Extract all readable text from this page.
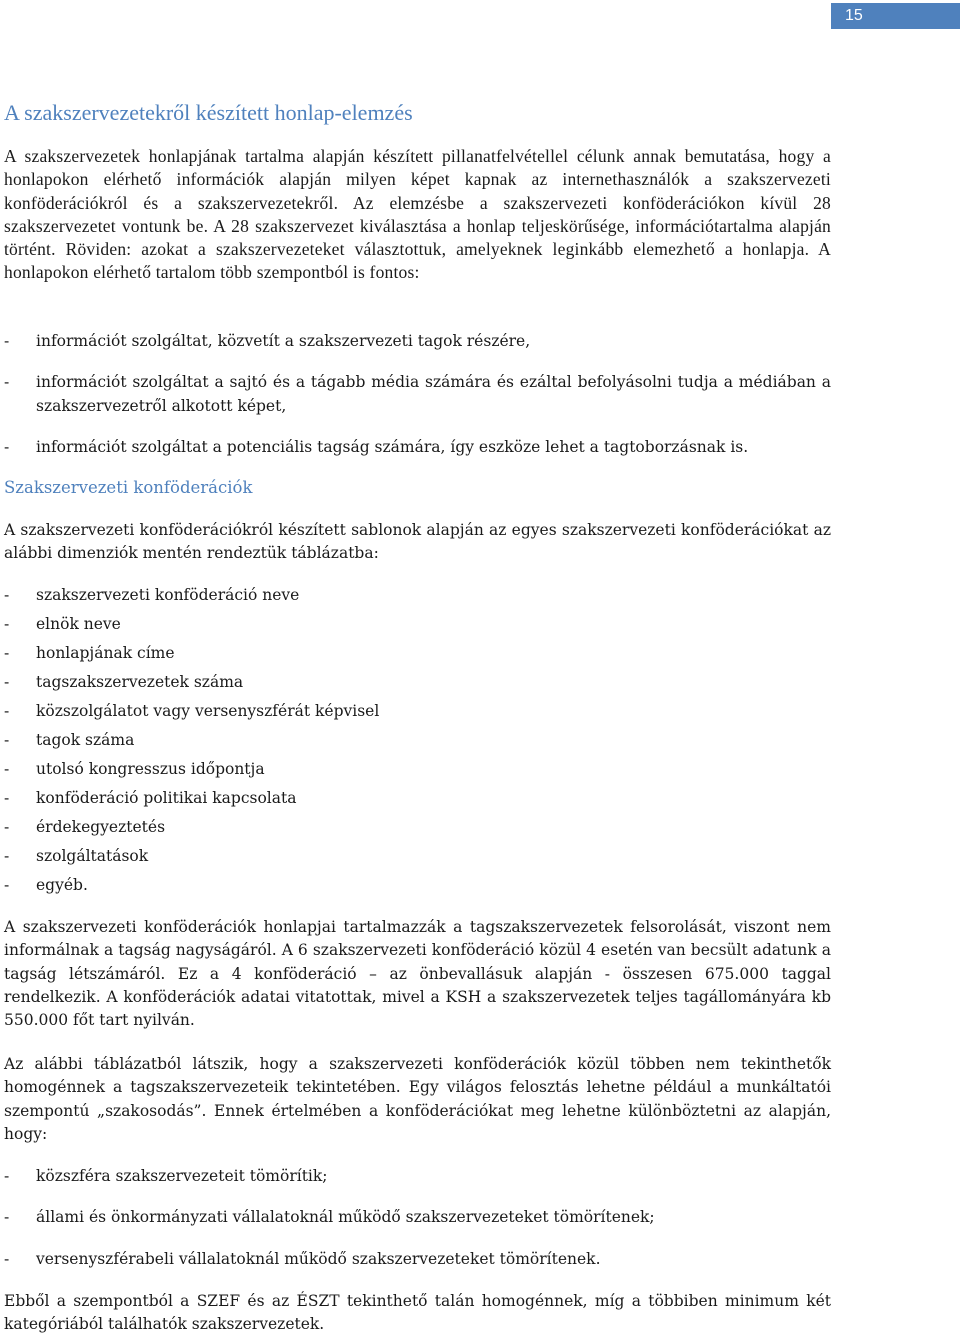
15
A szakszervezetekről készített honlap-elemzés

A szakszervezetek honlapjának tartalma alapján készített pillanatfelvétellel célunk annak bemutatása, hogy a honlapokon elérhető információk alapján milyen képet kapnak az internethasználók a szakszervezeti konföderációkról és a szakszervezetekről. Az elemzésbe a szakszervezeti konföderációkon kívül 28 szakszervezetet vontunk be. A 28 szakszervezet kiválasztása a honlap teljeskörűsége, információtartalma alapján történt. Röviden: azokat a szakszervezeteket választottuk, amelyeknek leginkább elemezhető a honlapja. A honlapokon elérhető tartalom több szempontból is fontos:

- információt szolgáltat, közvetít a szakszervezeti tagok részére,
- információt szolgáltat a sajtó és a tágabb média számára és ezáltal befolyásolni tudja a médiában a szakszervezetről alkotott képet,
- információt szolgáltat a potenciális tagság számára, így eszköze lehet a tagtoborzásnak is.
Szakszervezeti konföderációk

A szakszervezeti konföderációkról készített sablonok alapján az egyes szakszervezeti konföderációkat az alábbi dimenziók mentén rendeztük táblázatba:

- szakszervezeti konföderáció neve
- elnök neve
- honlapjának címe
- tagszakszervezetek száma
- közszolgálatot vagy versenyszférát képvisel
- tagok száma
- utolsó kongresszus időpontja
- konföderáció politikai kapcsolata
- érdekegyeztetés
- szolgáltatások
- egyéb.

A szakszervezeti konföderációk honlapjai tartalmazzák a tagszakszervezetek felsorolását, viszont nem informálnak a tagság nagyságáról. A 6 szakszervezeti konföderáció közül 4 esetén van becsült adatunk a tagság létszámáról. Ez a 4 konföderáció – az önbevallásuk alapján - összesen 675.000 taggal rendelkezik. A konföderációk adatai vitatottak, mivel a KSH a szakszervezetek teljes tagállományára kb 550.000 főt tart nyilván.

Az alábbi táblázatból látszik, hogy a szakszervezeti konföderációk közül többen nem tekinthetők homogénnek a tagszakszervezeteik tekintetében. Egy világos felosztás lehetne például a munkáltatói szempontú „szakosodás”. Ennek értelmében a konföderációkat meg lehetne különböztetni az alapján, hogy:

- közszféra szakszervezeteit tömörítik;
- állami és önkormányzati vállalatoknál működő szakszervezeteket tömörítenek;
- versenyszférabeli vállalatoknál működő szakszervezeteket tömörítenek.

Ebből a szempontból a SZEF és az ÉSZT tekinthető talán homogénnek, míg a többiben minimum két kategóriából találhatók szakszervezetek.
